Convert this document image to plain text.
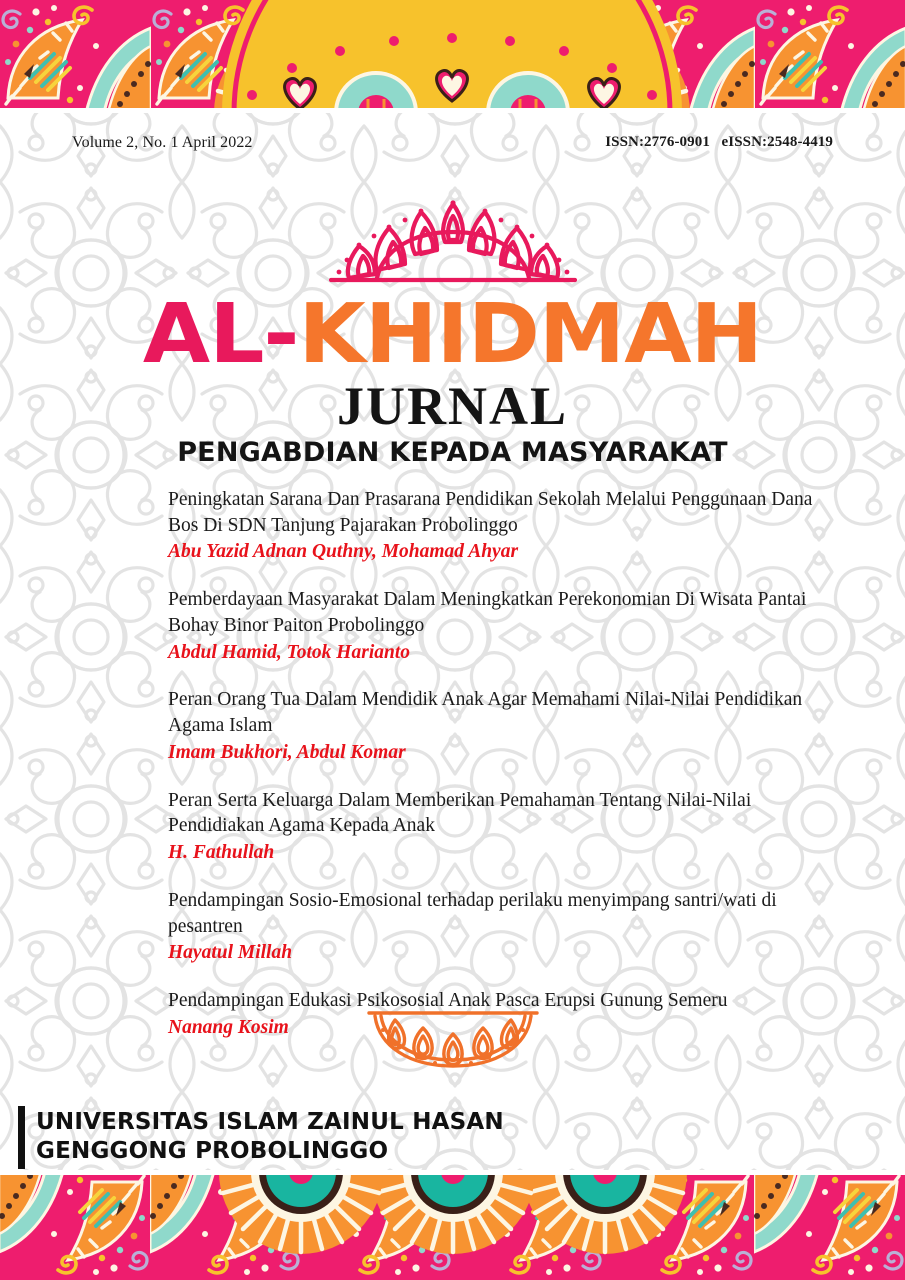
Volume 2, No. 1 April 2022	ISSN:2776-0901   eISSN:2548-4419
AL-KHIDMAH
JURNAL
PENGABDIAN KEPADA MASYARAKAT

Peningkatan Sarana Dan Prasarana Pendidikan Sekolah Melalui Penggunaan Dana Bos Di SDN Tanjung Pajarakan Probolinggo

Abu Yazid Adnan Quthny, Mohamad Ahyar

Pemberdayaan Masyarakat Dalam Meningkatkan Perekonomian Di Wisata Pantai Bohay Binor Paiton Probolinggo

Abdul Hamid, Totok Harianto

Peran Orang Tua Dalam Mendidik Anak Agar Memahami Nilai-Nilai Pendidikan Agama Islam

Imam Bukhori, Abdul Komar

Peran Serta Keluarga Dalam Memberikan Pemahaman Tentang Nilai-Nilai Pendidiakan Agama Kepada Anak

H. Fathullah

Pendampingan Sosio-Emosional terhadap perilaku menyimpang santri/wati di pesantren

Hayatul Millah

Pendampingan Edukasi Psikososial Anak Pasca Erupsi Gunung Semeru

Nanang Kosim

UNIVERSITAS ISLAM ZAINUL HASAN
GENGGONG PROBOLINGGO
